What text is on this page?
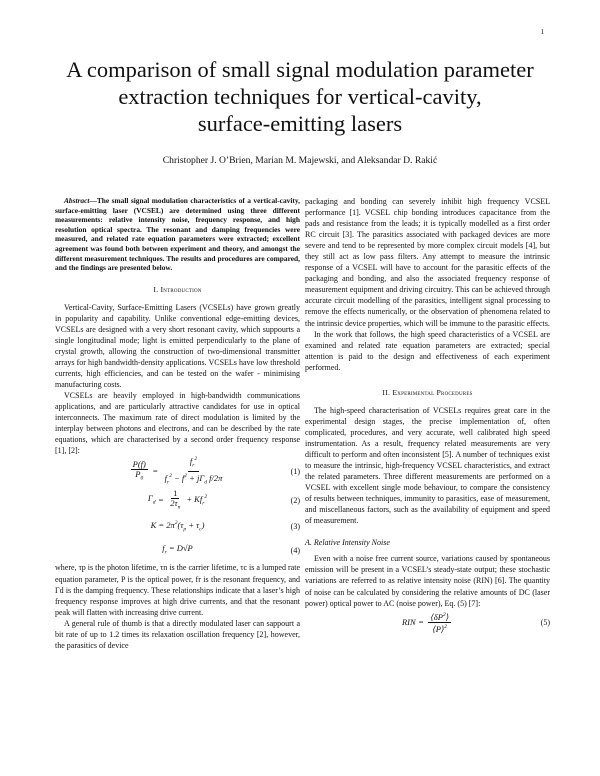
1
A comparison of small signal modulation parameter
extraction techniques for vertical-cavity,
surface-emitting lasers
Christopher J. O’Brien, Marian M. Majewski, and Aleksandar D. Rakić

Abstract—The small signal modulation characteristics of a vertical-cavity, surface-emitting laser (VCSEL) are determined using three different measurements: relative intensity noise, frequency response, and high resolution optical spectra. The resonant and damping frequencies were measured, and related rate equation parameters were extracted; excellent agreement was found both between experiment and theory, and amongst the different measurement techniques. The results and procedures are compared, and the findings are presented below.

I. Introduction

Vertical-Cavity, Surface-Emitting Lasers (VCSELs) have grown greatly in popularity and capability. Unlike conventional edge-emitting devices, VCSELs are designed with a very short resonant cavity, which suppourts a single longitudinal mode; light is emitted perpendicularly to the plane of crystal growth, allowing the construction of two-dimensional transmitter arrays for high bandwidth-density applications. VCSELs have low threshold currents, high efficiencies, and can be tested on the wafer - minimising manufacturing costs.

VCSELs are heavily employed in high-bandwidth communications applications, and are particularly attractive candidates for use in optical interconnects. The maximum rate of direct modulation is limited by the interplay between photons and electrons, and can be described by the rate equations, which are characterised by a second order frequency response [1], [2]:

$\frac{P(f)}{P_0} = \frac{f_r^2}{f_r^2 - f^2 + j\Gamma_d f/2\pi}$	(1)
$\Gamma_d = \frac{1}{2\tau_n} + Kf_r^2$	(2)
$K = 2\pi^2(\tau_p + \tau_c)$	(3)
$f_r = D√P$	(4)

where, τp is the photon lifetime, τn is the carrier lifetime, τc is a lumped rate equation parameter, P is the optical power, fr is the resonant frequency, and Γd is the damping frequency. These relationships indicate that a laser’s high frequency response improves at high drive currents, and that the resonant peak will flatten with increasing drive current.

A general rule of thumb is that a directly modulated laser can sappourt a bit rate of up to 1.2 times its relaxation oscillation frequency [2], however, the parasitics of device

packaging and bonding can severely inhibit high frequency VCSEL performance [1]. VCSEL chip bonding introduces capacitance from the pads and resistance from the leads; it is typically modelled as a first order RC circuit [3]. The parasitics associated with packaged devices are more severe and tend to be represented by more complex circuit models [4], but they still act as low pass filters. Any attempt to measure the intrinsic response of a VCSEL will have to account for the parasitic effects of the packaging and bonding, and also the associated frequency response of measurement equipment and driving circuitry. This can be achieved through accurate circuit modelling of the parasitics, intelligent signal processing to remove the effects numerically, or the observation of phenomena related to the intrinsic device properties, which will be immune to the parasitic effects.

In the work that follows, the high speed characteristics of a VCSEL are examined and related rate equation parameters are extracted; special attention is paid to the design and effectiveness of each experiment performed.

II. Experimental Procedures

The high-speed characterisation of VCSELs requires great care in the experimental design stages, the precise implementation of, often complicated, procedures, and very accurate, well calibrated high speed instrumentation. As a result, frequency related measurements are very difficult to perform and often inconsistent [5]. A number of techniques exist to measure the intrinsic, high-frequency VCSEL characteristics, and extract the related parameters. Three different measurements are performed on a VCSEL with excellent single mode behaviour, to compare the consistency of results between techniques, immunity to parasitics, ease of measurement, and miscellaneous factors, such as the availability of equipment and speed of measurement.

A. Relative Intensity Noise

Even with a noise free current source, variations caused by spontaneous emission will be present in a VCSEL’s steady-state output; these stochastic variations are referred to as relative intensity noise (RIN) [6]. The quantity of noise can be calculated by considering the relative amounts of DC (laser power) optical power to AC (noise power), Eq. (5) [7]:

RIN = $\frac{⟨\delta P^2⟩}{⟨P⟩^2}$	(5)
